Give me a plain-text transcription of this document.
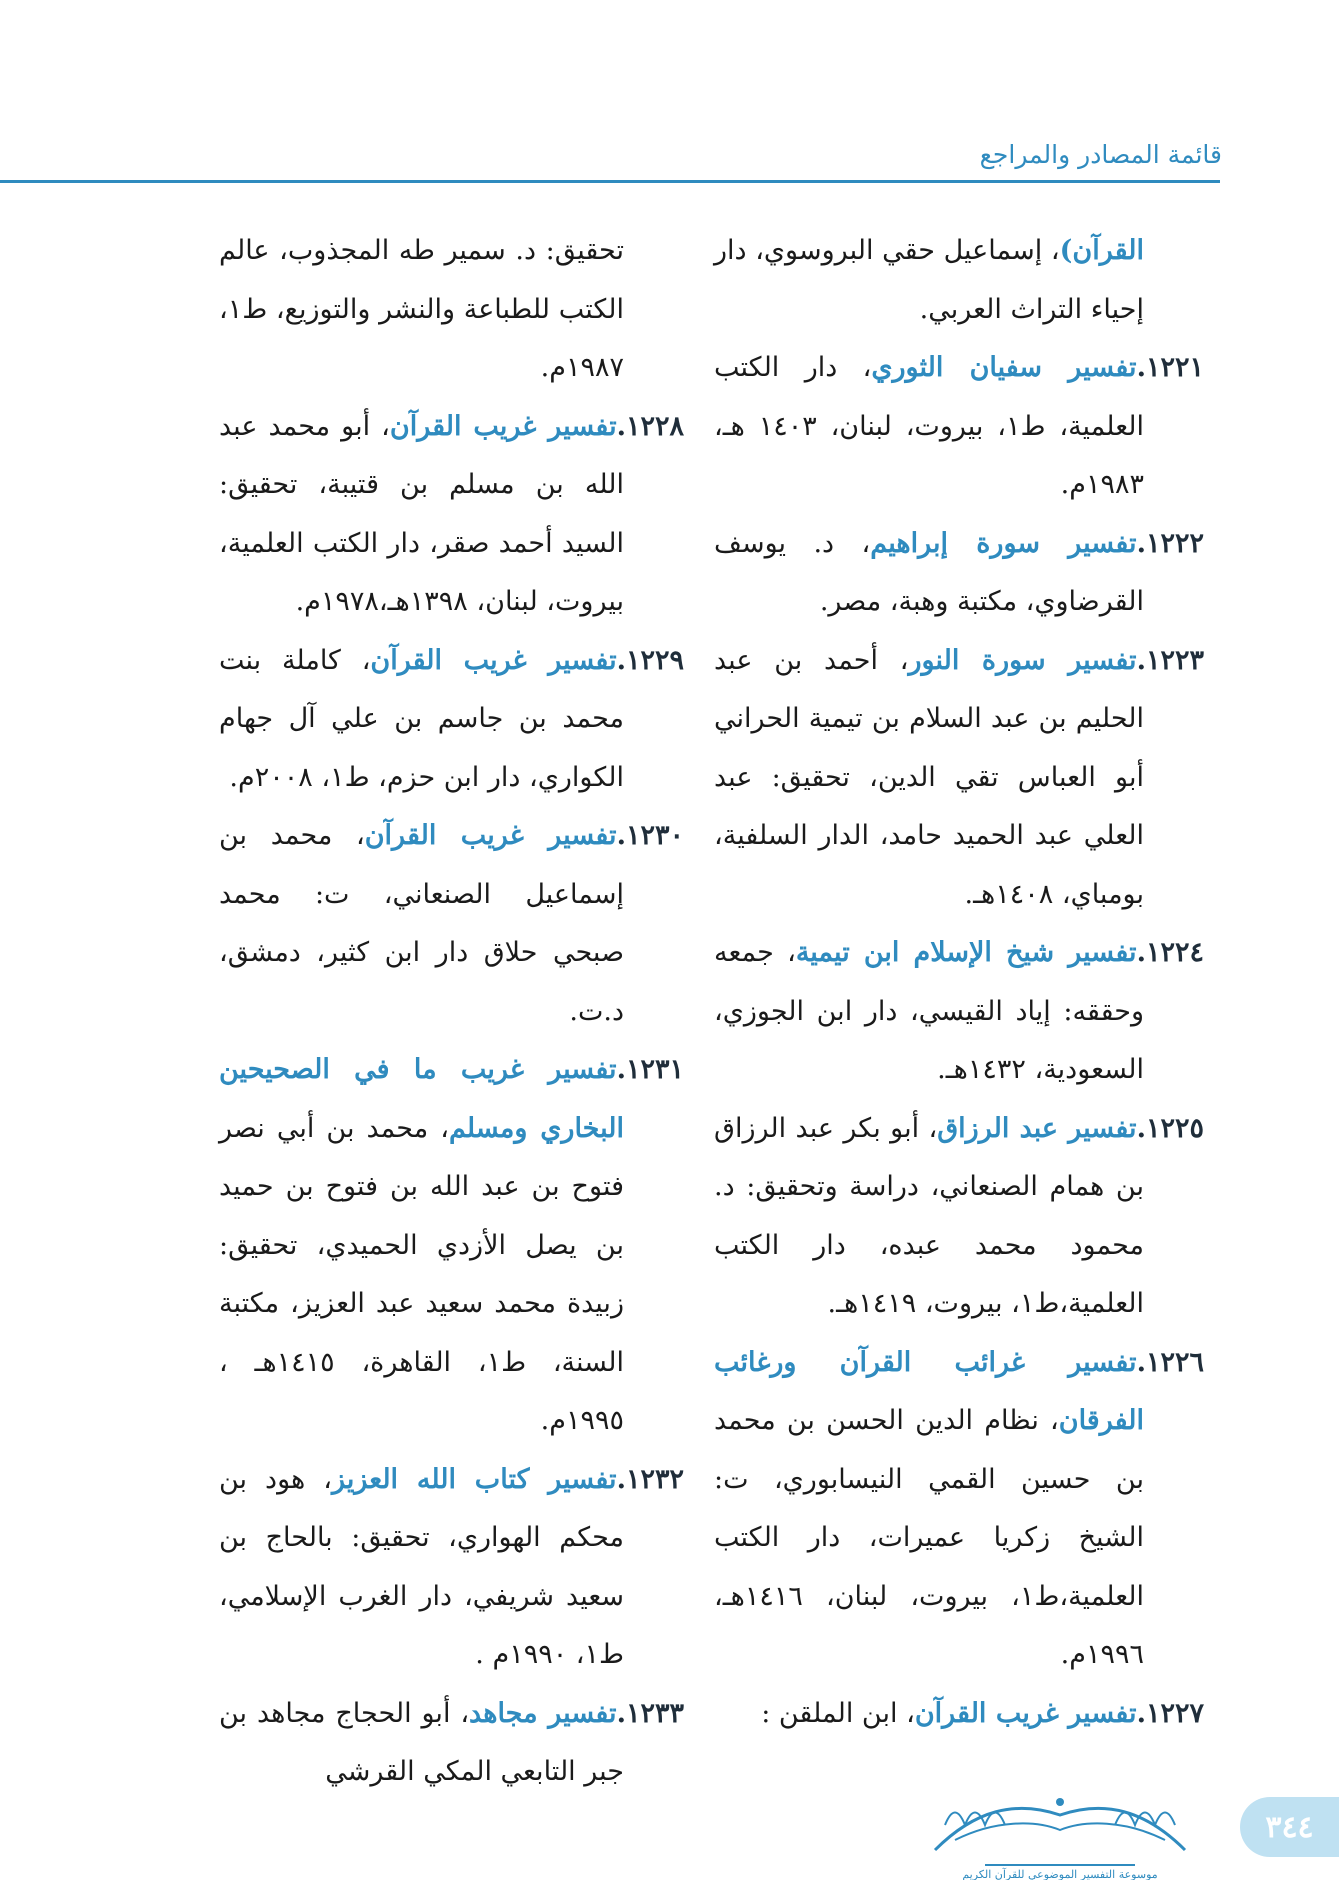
قائمة المصادر والمراجع

القرآن)، إسماعيل حقي البروسوي، دار إحياء التراث العربي.

١٢٢١.تفسير سفيان الثوري، دار الكتب العلمية، ط١، بيروت، لبنان، ١٤٠٣ هـ، ١٩٨٣م.

١٢٢٢.تفسير سورة إبراهيم، د. يوسف القرضاوي، مكتبة وهبة، مصر.

١٢٢٣.تفسير سورة النور، أحمد بن عبد الحليم بن عبد السلام بن تيمية الحراني أبو العباس تقي الدين، تحقيق: عبد العلي عبد الحميد حامد، الدار السلفية، بومباي، ١٤٠٨هـ.

١٢٢٤.تفسير شيخ الإسلام ابن تيمية، جمعه وحققه: إياد القيسي، دار ابن الجوزي، السعودية، ١٤٣٢هـ.

١٢٢٥.تفسير عبد الرزاق، أبو بكر عبد الرزاق بن همام الصنعاني، دراسة وتحقيق: د. محمود محمد عبده، دار الكتب العلمية،ط١، بيروت، ١٤١٩هـ.

١٢٢٦.تفسير غرائب القرآن ورغائب الفرقان، نظام الدين الحسن بن محمد بن حسين القمي النيسابوري، ت: الشيخ زكريا عميرات، دار الكتب العلمية،ط١، بيروت، لبنان، ١٤١٦هـ، ١٩٩٦م.

١٢٢٧.تفسير غريب القرآن، ابن الملقن :

تحقيق: د. سمير طه المجذوب، عالم الكتب للطباعة والنشر والتوزيع، ط١، ١٩٨٧م.

١٢٢٨.تفسير غريب القرآن، أبو محمد عبد الله بن مسلم بن قتيبة، تحقيق: السيد أحمد صقر، دار الكتب العلمية، بيروت، لبنان، ١٣٩٨هـ،١٩٧٨م.

١٢٢٩.تفسير غريب القرآن، كاملة بنت محمد بن جاسم بن علي آل جهام الكواري، دار ابن حزم، ط١، ٢٠٠٨م.

١٢٣٠.تفسير غريب القرآن، محمد بن إسماعيل الصنعاني، ت: محمد صبحي حلاق دار ابن كثير، دمشق، د.ت.

١٢٣١.تفسير غريب ما في الصحيحين البخاري ومسلم، محمد بن أبي نصر فتوح بن عبد الله بن فتوح بن حميد بن يصل الأزدي الحميدي، تحقيق: زبيدة محمد سعيد عبد العزيز، مكتبة السنة، ط١، القاهرة، ١٤١٥هـ ، ١٩٩٥م.

١٢٣٢.تفسير كتاب الله العزيز، هود بن محكم الهواري، تحقيق: بالحاج بن سعيد شريفي، دار الغرب الإسلامي، ط١، ١٩٩٠م .

١٢٣٣.تفسير مجاهد، أبو الحجاج مجاهد بن جبر التابعي المكي القرشي

موسوعة التفسير الموضوعي للقرآن الكريم
٣٤٤
